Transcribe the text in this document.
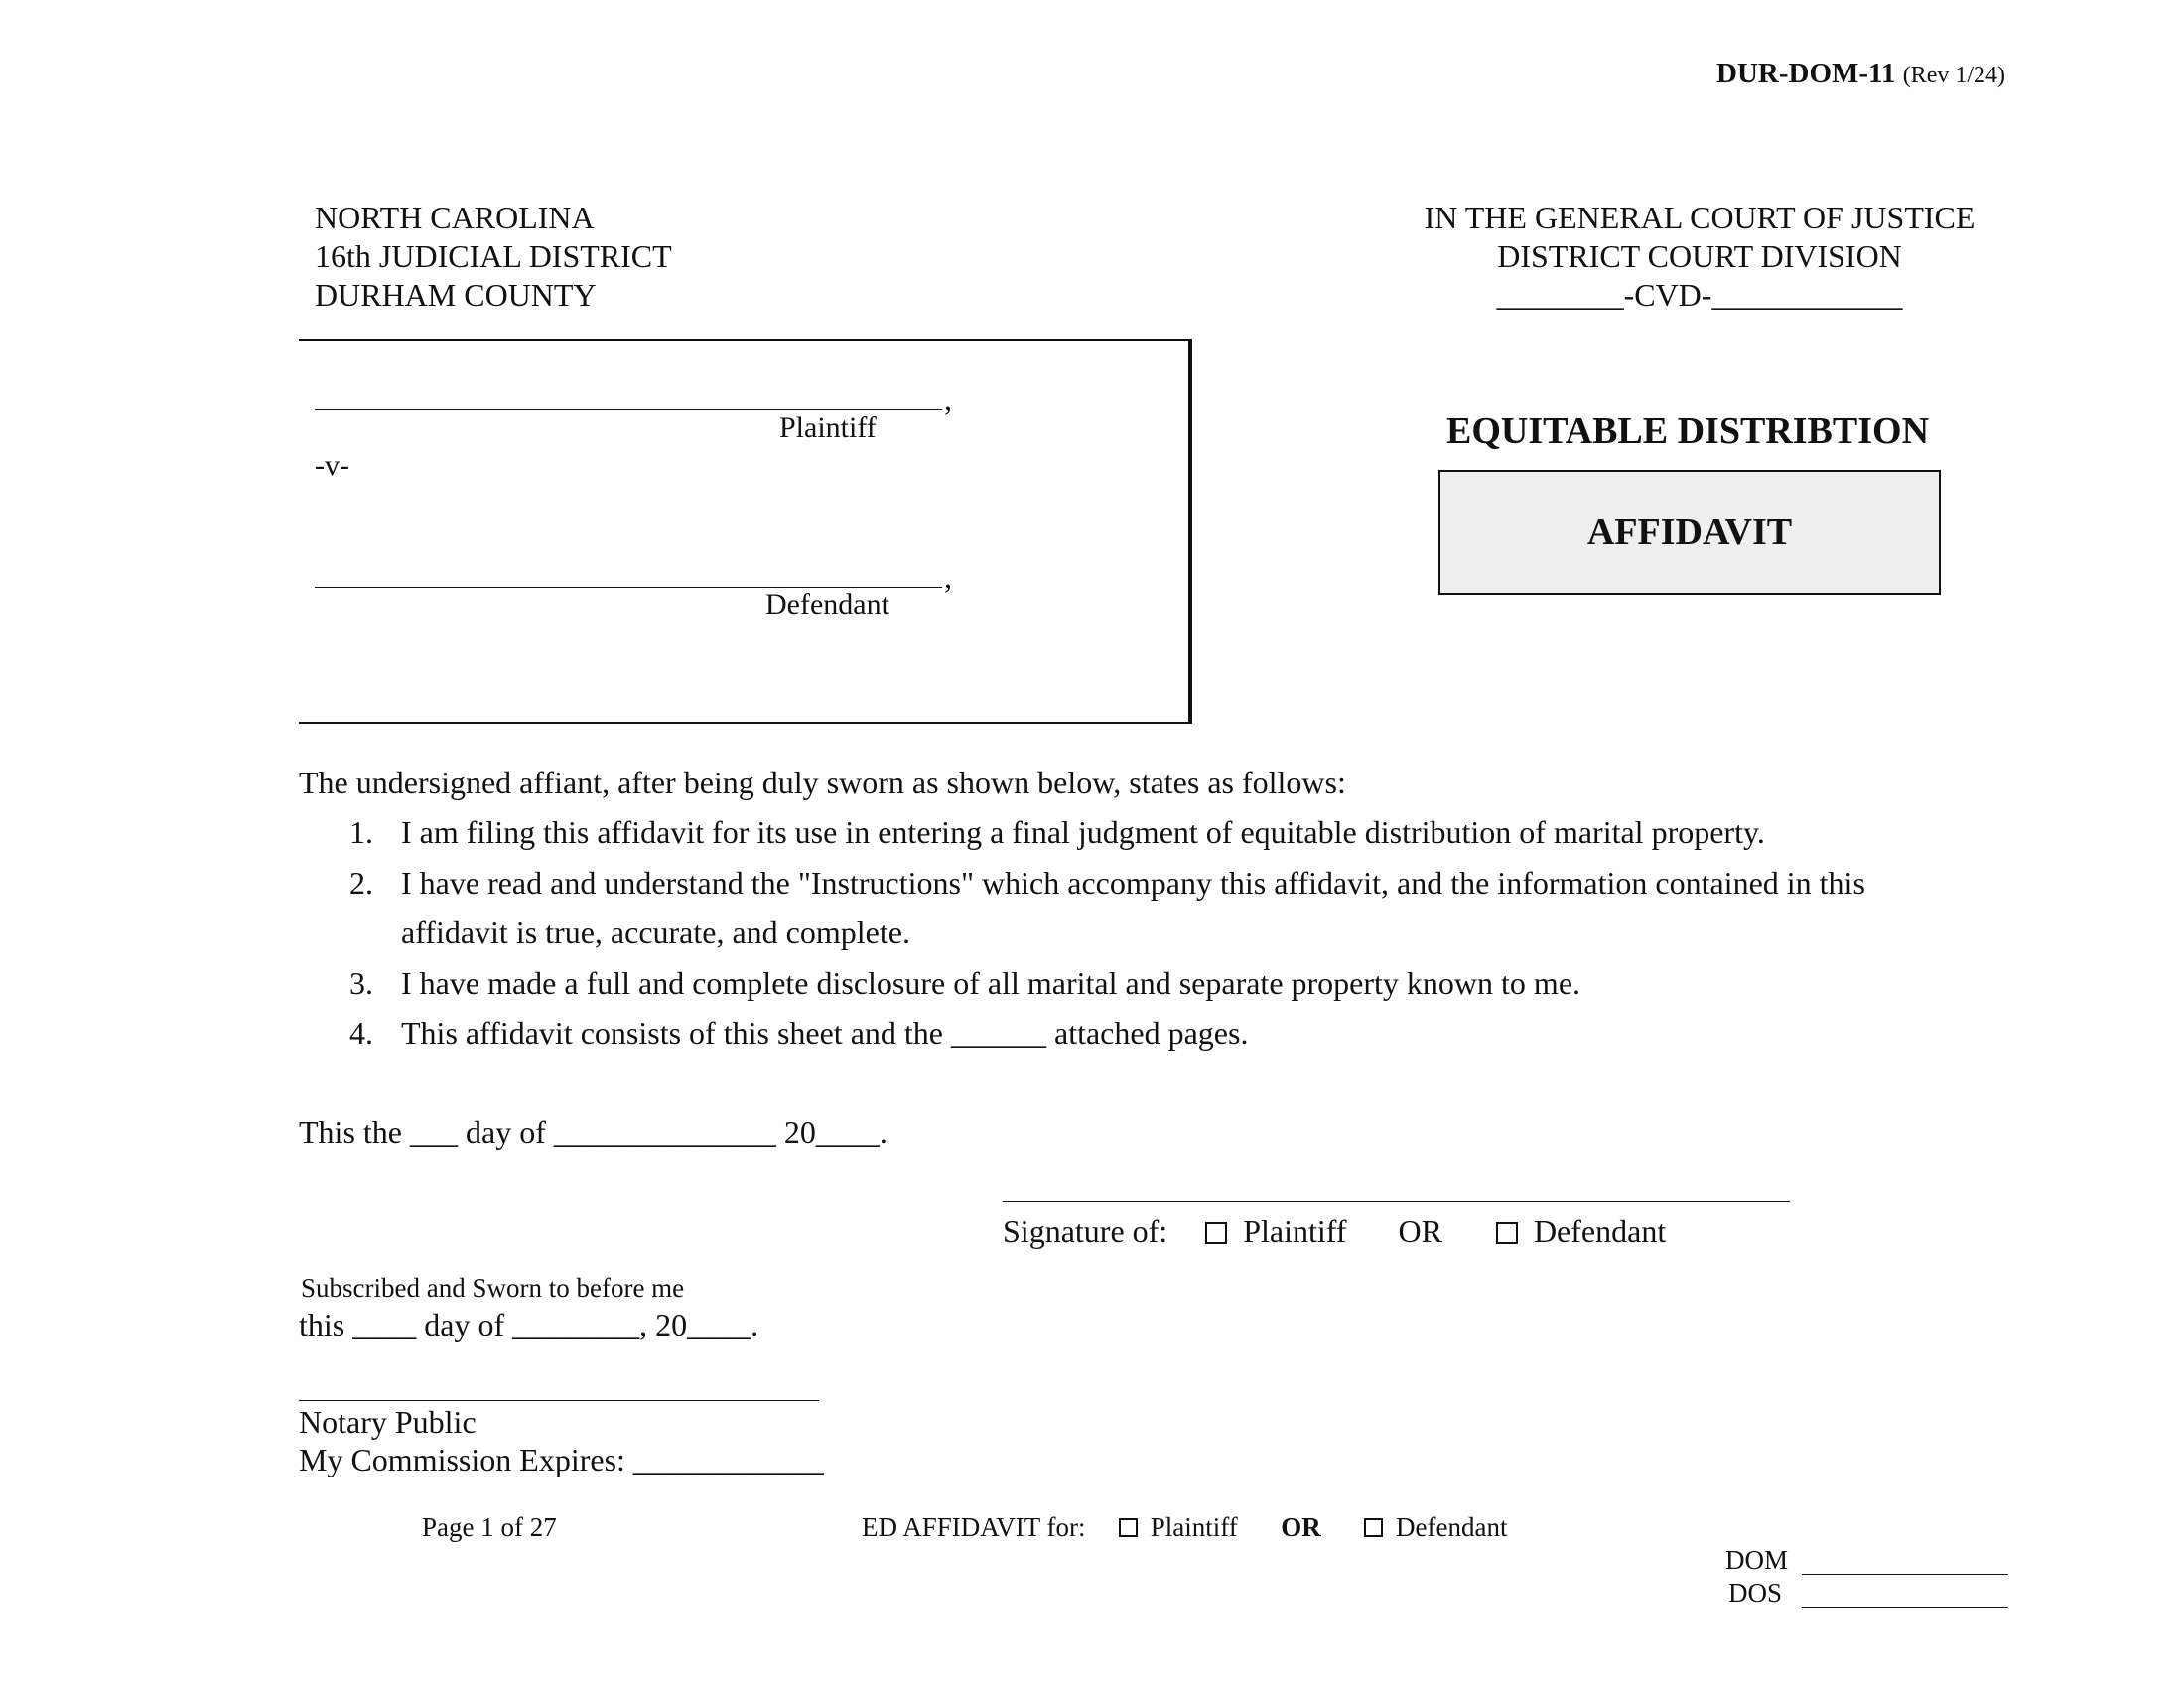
DUR-DOM-11 (Rev 1/24)
NORTH CAROLINA
16th JUDICIAL DISTRICT
DURHAM COUNTY
IN THE GENERAL COURT OF JUSTICE
DISTRICT COURT DIVISION
________-CVD-____________
,
Plaintiff
-v-
,
Defendant
EQUITABLE DISTRIBTION
AFFIDAVIT
The undersigned affiant, after being duly sworn as shown below, states as follows:
1. I am filing this affidavit for its use in entering a final judgment of equitable distribution of marital property.
2. I have read and understand the "Instructions" which accompany this affidavit, and the information contained in this
affidavit is true, accurate, and complete.
3. I have made a full and complete disclosure of all marital and separate property known to me.
4. This affidavit consists of this sheet and the ______ attached pages.
This the ___ day of ______________ 20____.
Signature of: Plaintiff OR	Defendant
Subscribed and Sworn to before me
this ____ day of ________, 20____.
Notary Public
My Commission Expires: ____________
Page 1 of 27	ED AFFIDAVIT for: Plaintiff OR	Defendant
DOM
DOS
